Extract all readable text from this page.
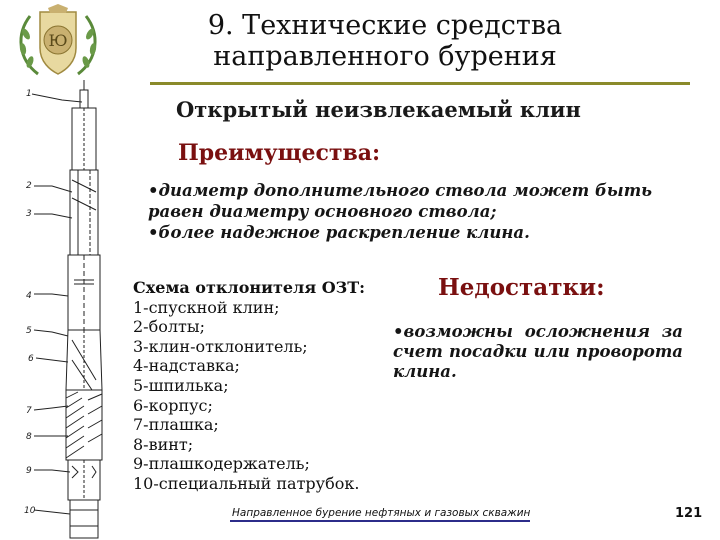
Ю	9. Технические средства
направленного бурения
Открытый неизвлекаемый клин
Преимущества:

•диаметр дополнительного ствола может быть равен диаметру основного ствола;

•более надежное раскрепление клина.

Схема отклонителя ОЗТ:
1-спускной клин;
2-болты;
3-клин-отклонитель;
4-надставка;
5-шпилька;
6-корпус;
7-плашка;
8-винт;
9-плашкодержатель;
10-специальный патрубок.
Недостатки:

•возможны осложнения за счет посадки или проворота клина.

1
2
3
4
5
6
7
8
9
10	Направленное бурение нефтяных и газовых скважин	121
